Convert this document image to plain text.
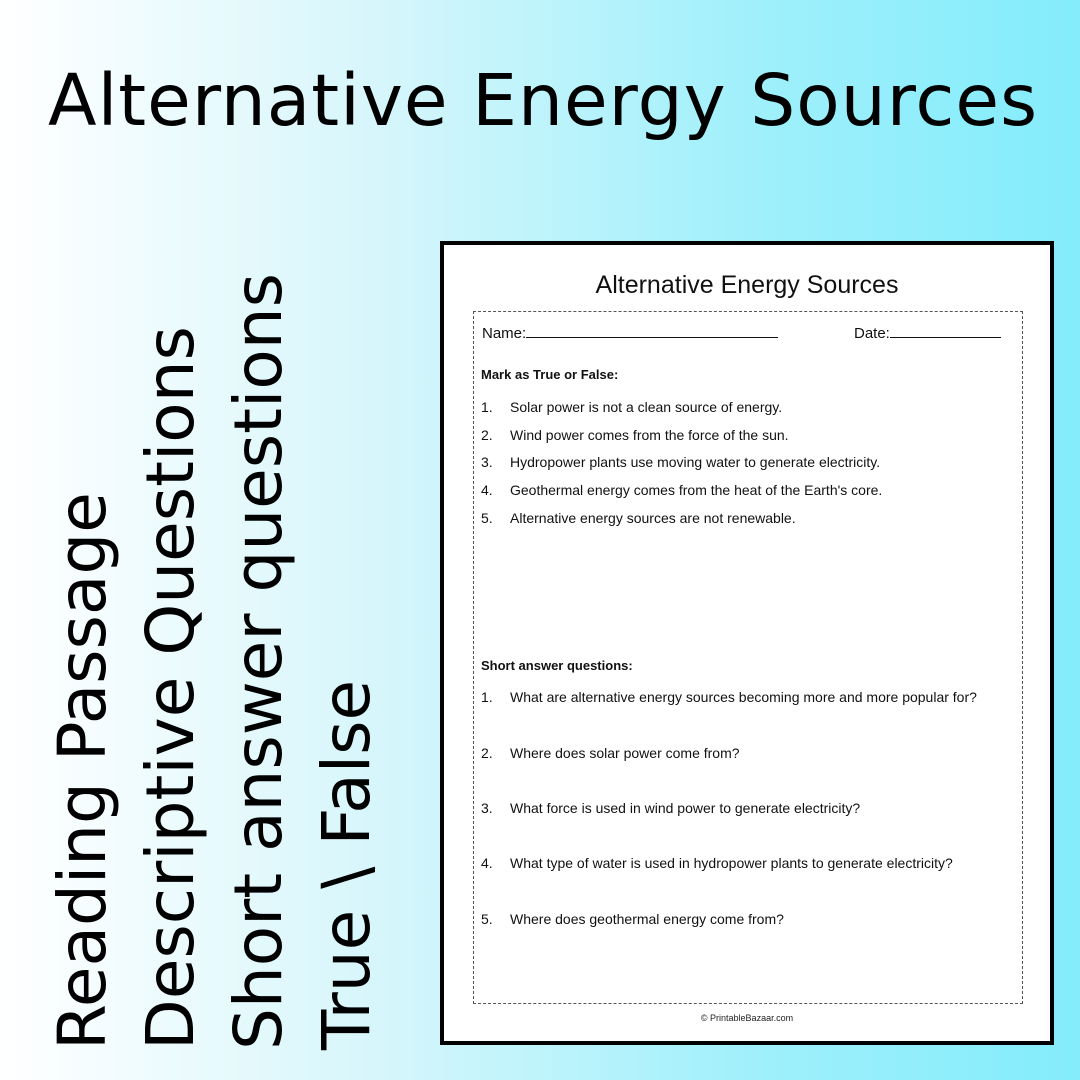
Alternative Energy Sources
Reading Passage Descriptive Questions Short answer questions True \ False
Alternative Energy Sources
Name:	Date:
Mark as True or False:
1. Solar power is not a clean source of energy.
2. Wind power comes from the force of the sun.
3. Hydropower plants use moving water to generate electricity.
4. Geothermal energy comes from the heat of the Earth's core.
5. Alternative energy sources are not renewable.
Short answer questions:
1. What are alternative energy sources becoming more and more popular for?
2. Where does solar power come from?
3. What force is used in wind power to generate electricity?
4. What type of water is used in hydropower plants to generate electricity?
5. Where does geothermal energy come from?
© PrintableBazaar.com
